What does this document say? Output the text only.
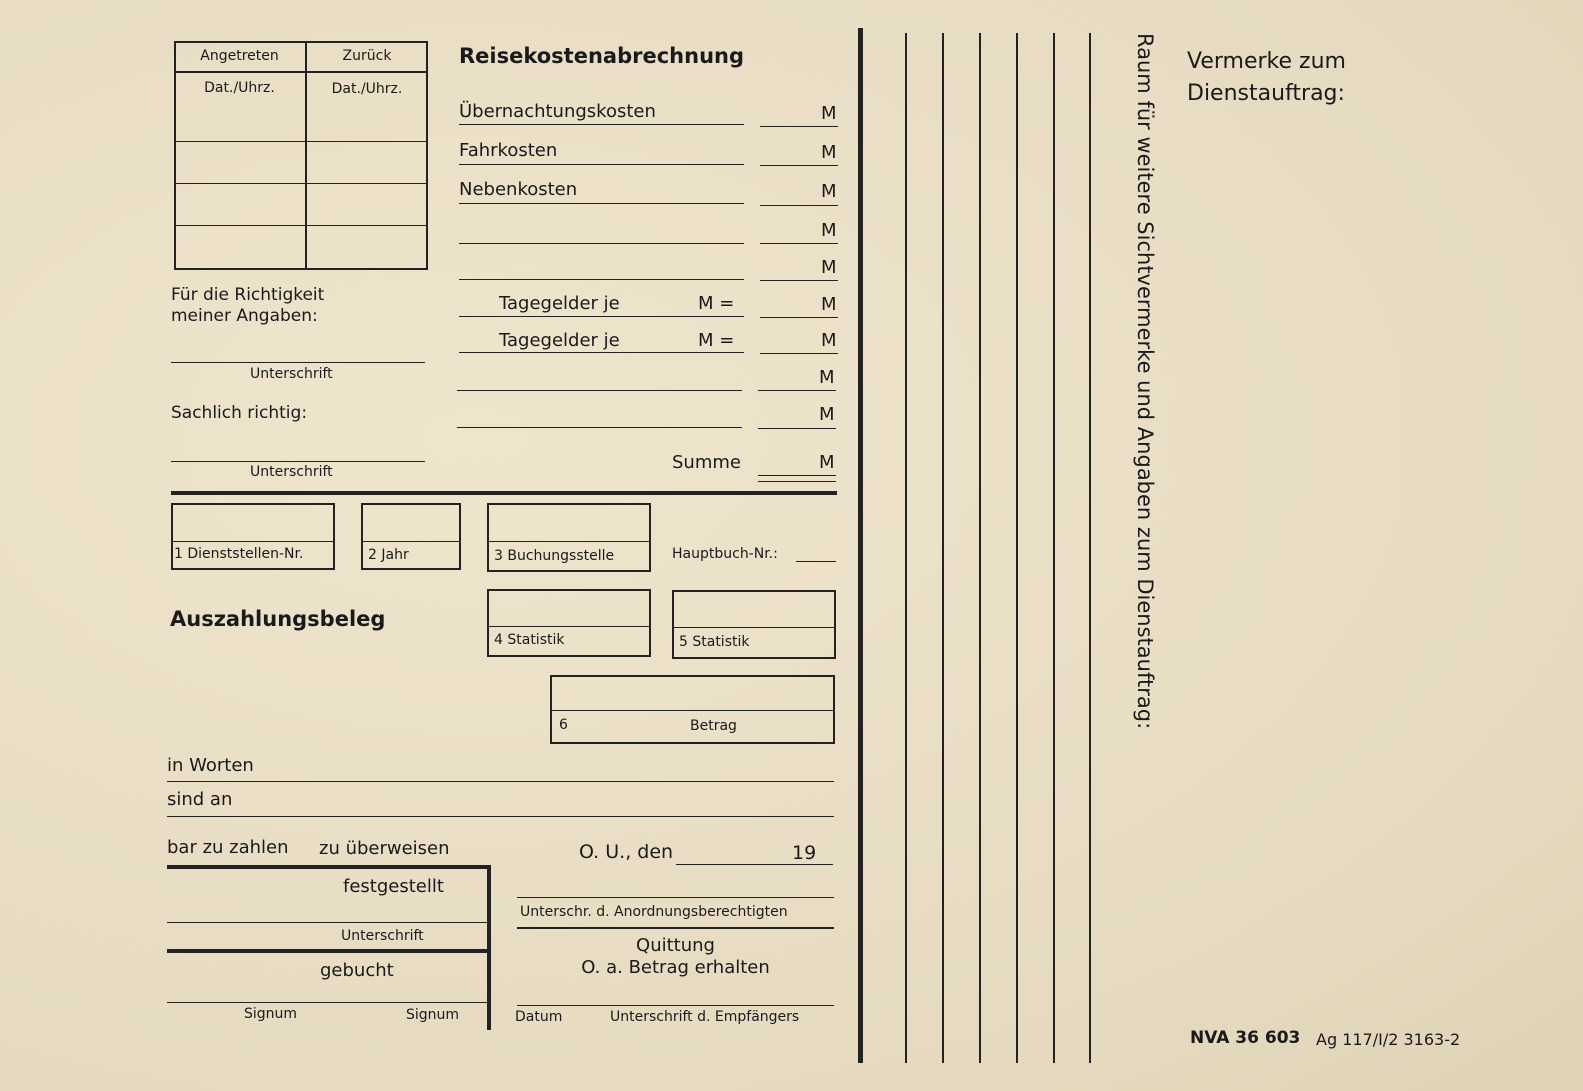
Angetreten	Zurück
Dat./Uhrz.	Dat./Uhrz.
Für die Richtigkeit
meiner Angaben:
Unterschrift
Sachlich richtig:
Unterschrift
Reisekostenabrechnung
Übernachtungskosten	M
Fahrkosten	M
Nebenkosten	M
M
M
Tagegelder je	M =	M
Tagegelder je	M =	M
M
M
Summe	M
1 Dienststellen-Nr.	2 Jahr	3 Buchungsstelle	Hauptbuch-Nr.:
Auszahlungsbeleg
4 Statistik	5 Statistik
6	Betrag
in Worten
sind an
bar zu zahlen zu überweisen	O. U., den	19
festgestellt
Unterschrift
gebucht
Signum	Signum
Unterschr. d. Anordnungsberechtigten
Quittung
O. a. Betrag erhalten
Datum	Unterschrift d. Empfängers
Raum für weitere Sichtvermerke und Angaben zum Dienstauftrag: Vermerke zum
Dienstauftrag:
NVA 36 603 Ag 117/I/2 3163-2
